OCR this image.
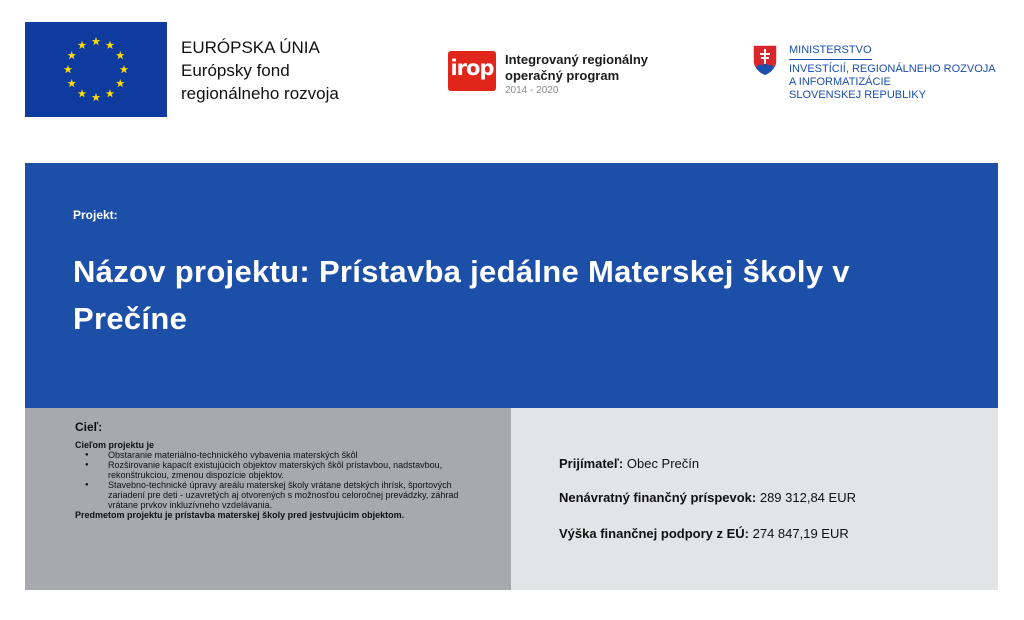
EURÓPSKA ÚNIA
Európsky fond
regionálneho rozvoja
irop Integrovaný regionálny
operačný program
2014 - 2020
MINISTERSTVO
INVESTÍCIÍ, REGIONÁLNEHO ROZVOJA
A INFORMATIZÁCIE
SLOVENSKEJ REPUBLIKY
Projekt:
Názov projektu: Prístavba jedálne Materskej školy v Prečíne
Cieľ:
Cieľom projektu je
● Obstaranie materiálno-technického vybavenia materských škôl
● Rozširovanie kapacít existujúcich objektov materských škôl prístavbou, nadstavbou, rekonštrukciou, zmenou dispozície objektov.
● Stavebno-technické úpravy areálu materskej školy vrátane detských ihrísk, športových zariadení pre deti - uzavretých aj otvorených s možnosťou celoročnej prevádzky, záhrad vrátane prvkov inkluzívneho vzdelávania.
Predmetom projektu je prístavba materskej školy pred jestvujúcim objektom.
Prijímateľ: Obec Prečín
Nenávratný finančný príspevok: 289 312,84 EUR
Výška finančnej podpory z EÚ: 274 847,19 EUR
